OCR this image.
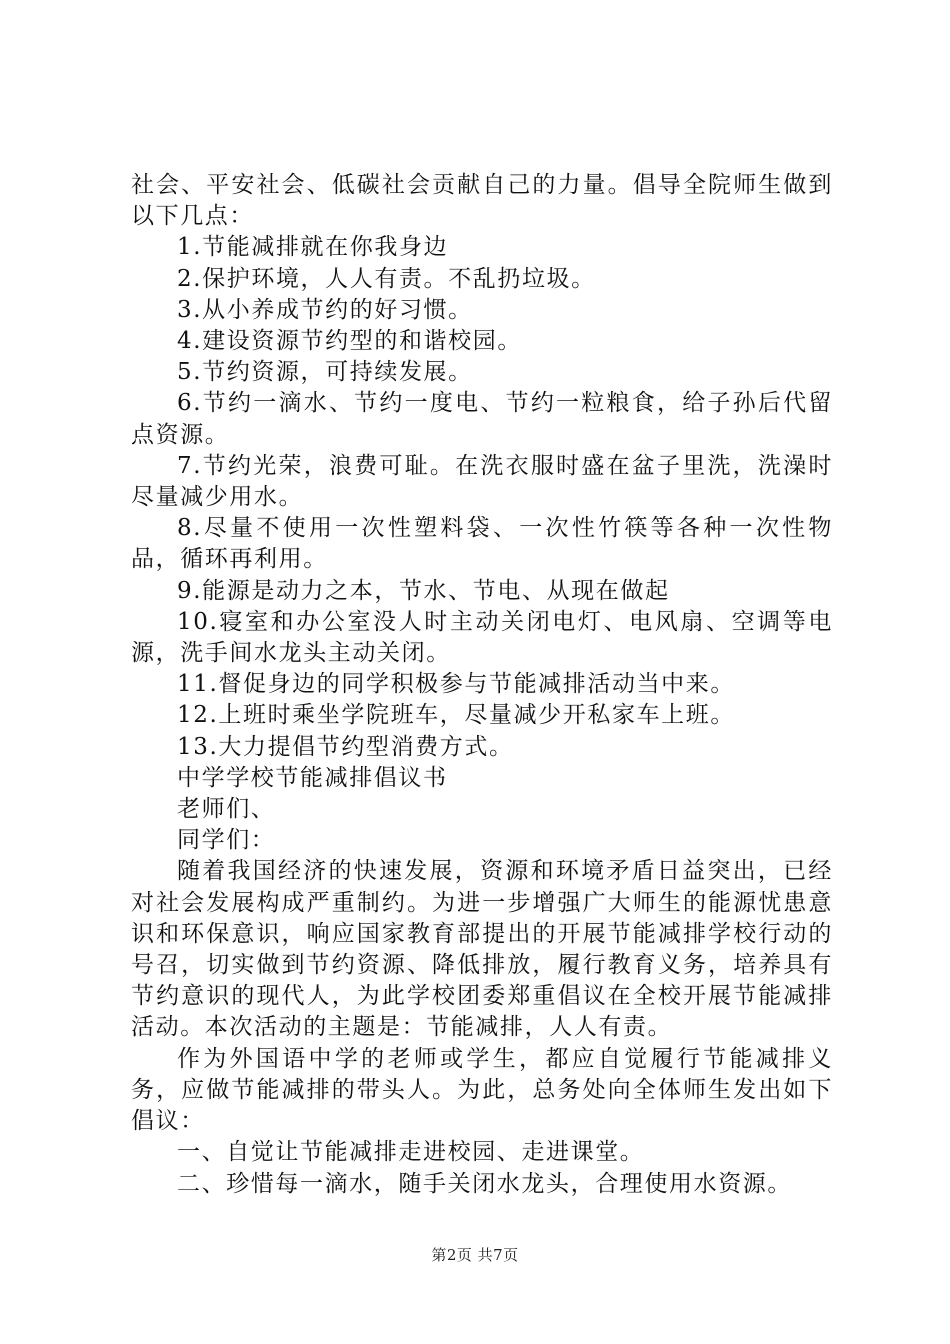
社会、平安社会、低碳社会贡献自己的力量。倡导全院师生做到以下几点：

1.节能减排就在你我身边

2.保护环境，人人有责。不乱扔垃圾。

3.从小养成节约的好习惯。

4.建设资源节约型的和谐校园。

5.节约资源，可持续发展。

6.节约一滴水、节约一度电、节约一粒粮食，给子孙后代留点资源。

7.节约光荣，浪费可耻。在洗衣服时盛在盆子里洗，洗澡时尽量减少用水。

8.尽量不使用一次性塑料袋、一次性竹筷等各种一次性物品，循环再利用。

9.能源是动力之本，节水、节电、从现在做起

10.寝室和办公室没人时主动关闭电灯、电风扇、空调等电源，洗手间水龙头主动关闭。

11.督促身边的同学积极参与节能减排活动当中来。

12.上班时乘坐学院班车，尽量减少开私家车上班。

13.大力提倡节约型消费方式。

中学学校节能减排倡议书

老师们、

同学们：

随着我国经济的快速发展，资源和环境矛盾日益突出，已经对社会发展构成严重制约。为进一步增强广大师生的能源忧患意识和环保意识，响应国家教育部提出的开展节能减排学校行动的号召，切实做到节约资源、降低排放，履行教育义务，培养具有节约意识的现代人，为此学校团委郑重倡议在全校开展节能减排活动。本次活动的主题是：节能减排，人人有责。

作为外国语中学的老师或学生，都应自觉履行节能减排义务，应做节能减排的带头人。为此，总务处向全体师生发出如下倡议：

一、自觉让节能减排走进校园、走进课堂。

二、珍惜每一滴水，随手关闭水龙头，合理使用水资源。

第2页 共7页
